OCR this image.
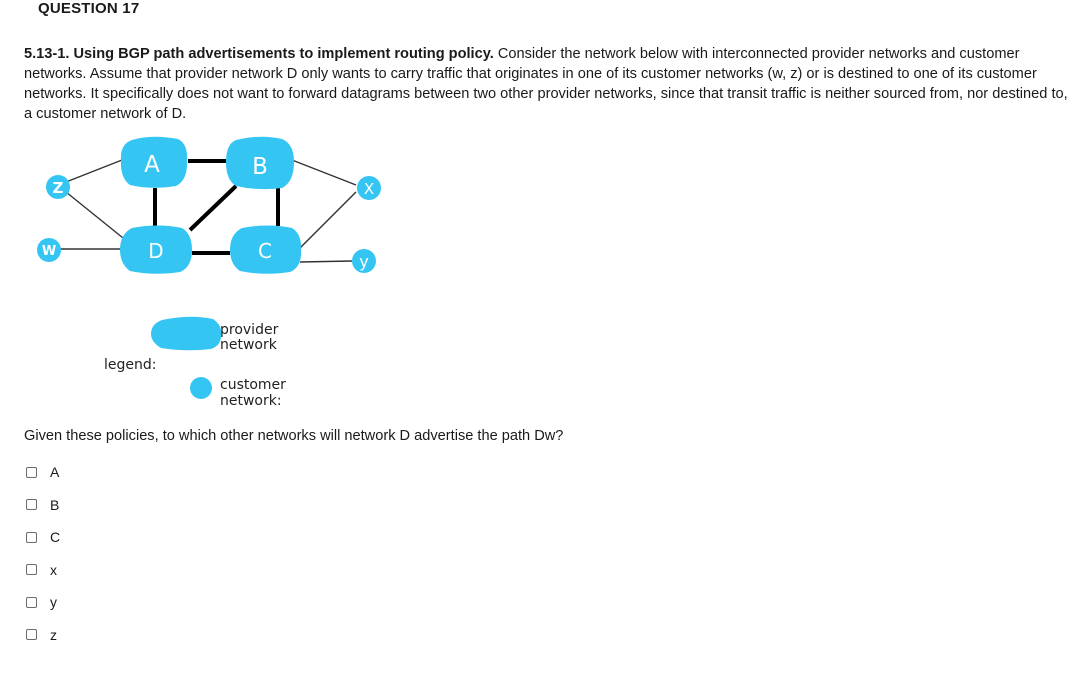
QUESTION 17
5.13-1. Using BGP path advertisements to implement routing policy. Consider the network below with interconnected provider networks and customer networks. Assume that provider network D only wants to carry traffic that originates in one of its customer networks (w, z) or is destined to one of its customer networks. It specifically does not want to forward datagrams between two other provider networks, since that transit traffic is neither sourced from, nor destined to, a customer network of D.
A	B
D	C
Z
W
X
y
legend:
provider
network
customer
network:
Given these policies, to which other networks will network D advertise the path Dw?
A
B
C
x
y
z
